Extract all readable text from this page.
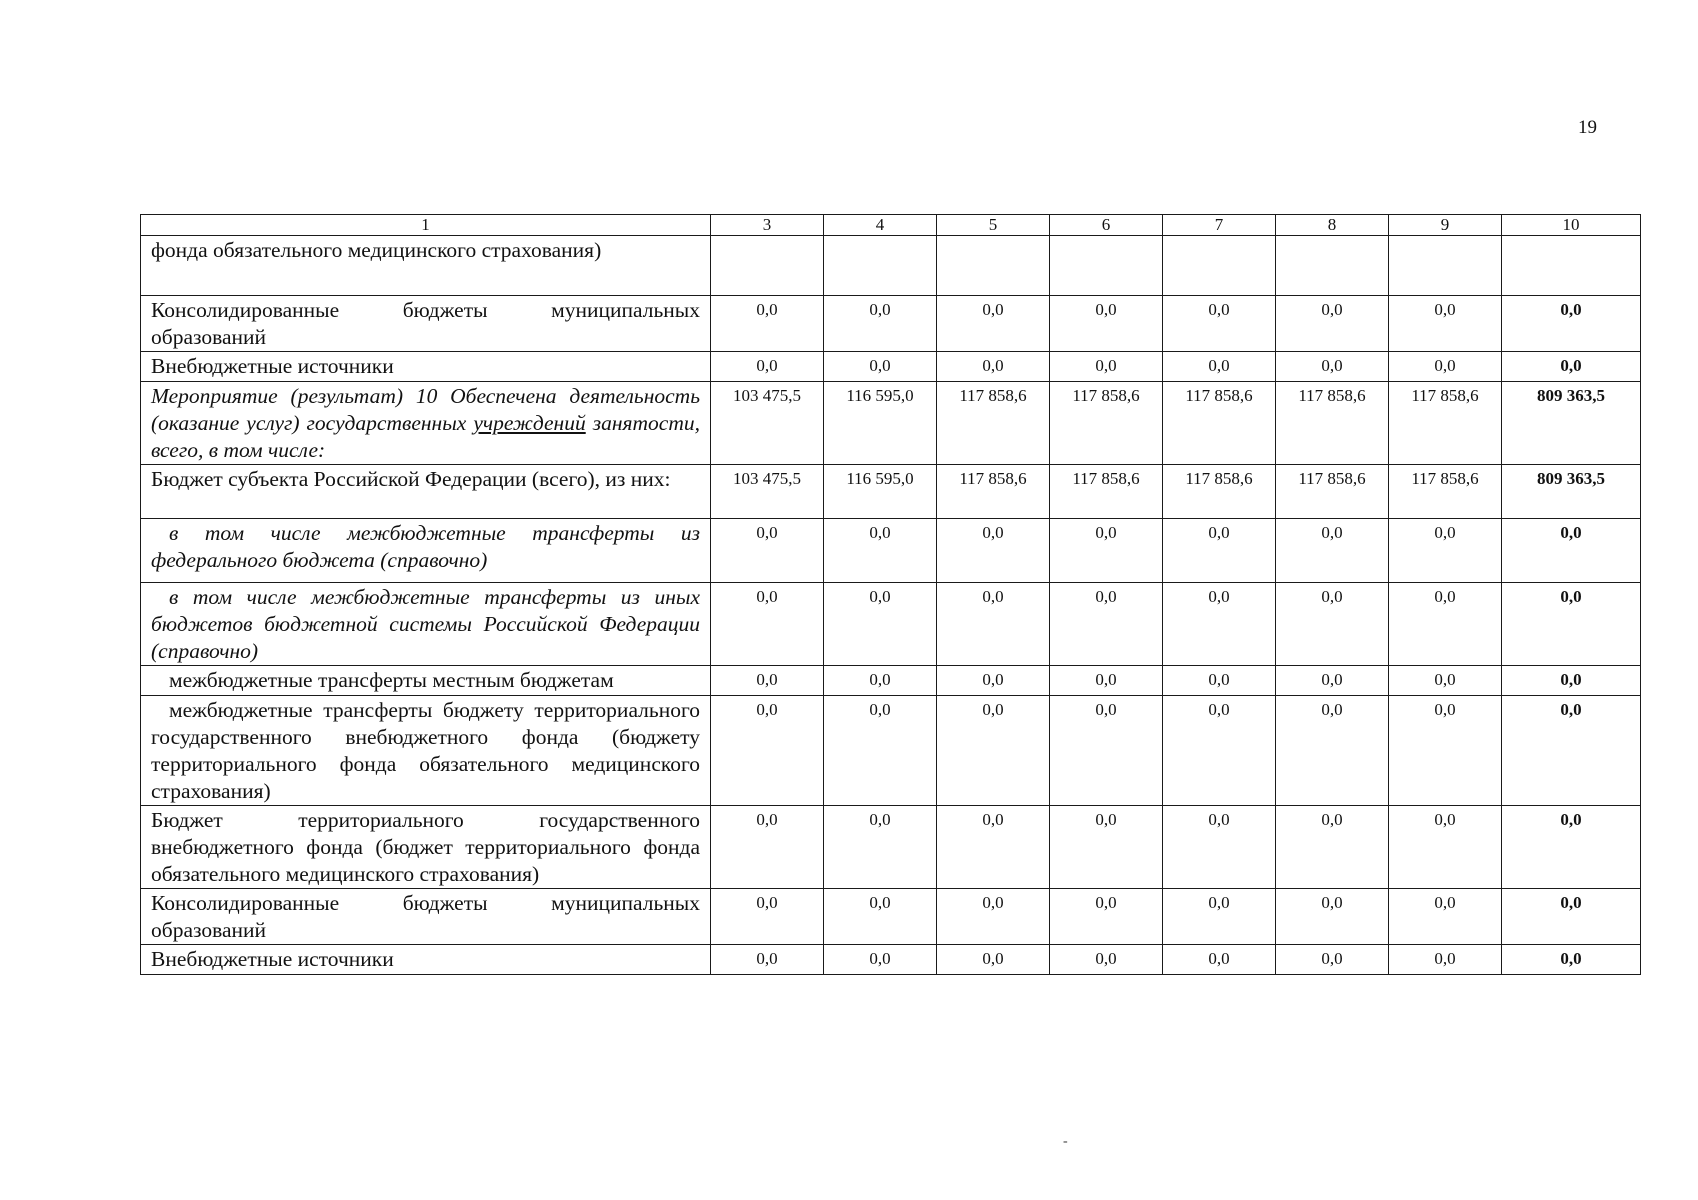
19
1	3	4	5	6	7	8	9	10
фонда обязательного медицинского страхования)								
Консолидированные бюджеты муниципальных образований	0,0	0,0	0,0	0,0	0,0	0,0	0,0	0,0
Внебюджетные источники	0,0	0,0	0,0	0,0	0,0	0,0	0,0	0,0
Мероприятие (результат) 10 Обеспечена деятельность (оказание услуг) государственных учреждений занятости, всего, в том числе:	103 475,5	116 595,0	117 858,6	117 858,6	117 858,6	117 858,6	117 858,6	809 363,5
Бюджет субъекта Российской Федерации (всего), из них:	103 475,5	116 595,0	117 858,6	117 858,6	117 858,6	117 858,6	117 858,6	809 363,5
в том числе межбюджетные трансферты из федерального бюджета (справочно)	0,0	0,0	0,0	0,0	0,0	0,0	0,0	0,0
в том числе межбюджетные трансферты из иных бюджетов бюджетной системы Российской Федерации (справочно)	0,0	0,0	0,0	0,0	0,0	0,0	0,0	0,0
межбюджетные трансферты местным бюджетам	0,0	0,0	0,0	0,0	0,0	0,0	0,0	0,0
межбюджетные трансферты бюджету территориального государственного внебюджетного фонда (бюджету территориального фонда обязательного медицинского страхования)	0,0	0,0	0,0	0,0	0,0	0,0	0,0	0,0
Бюджет территориального государственного внебюджетного фонда (бюджет территориального фонда обязательного медицинского страхования)	0,0	0,0	0,0	0,0	0,0	0,0	0,0	0,0
Консолидированные бюджеты муниципальных образований	0,0	0,0	0,0	0,0	0,0	0,0	0,0	0,0
Внебюджетные источники	0,0	0,0	0,0	0,0	0,0	0,0	0,0	0,0
-
